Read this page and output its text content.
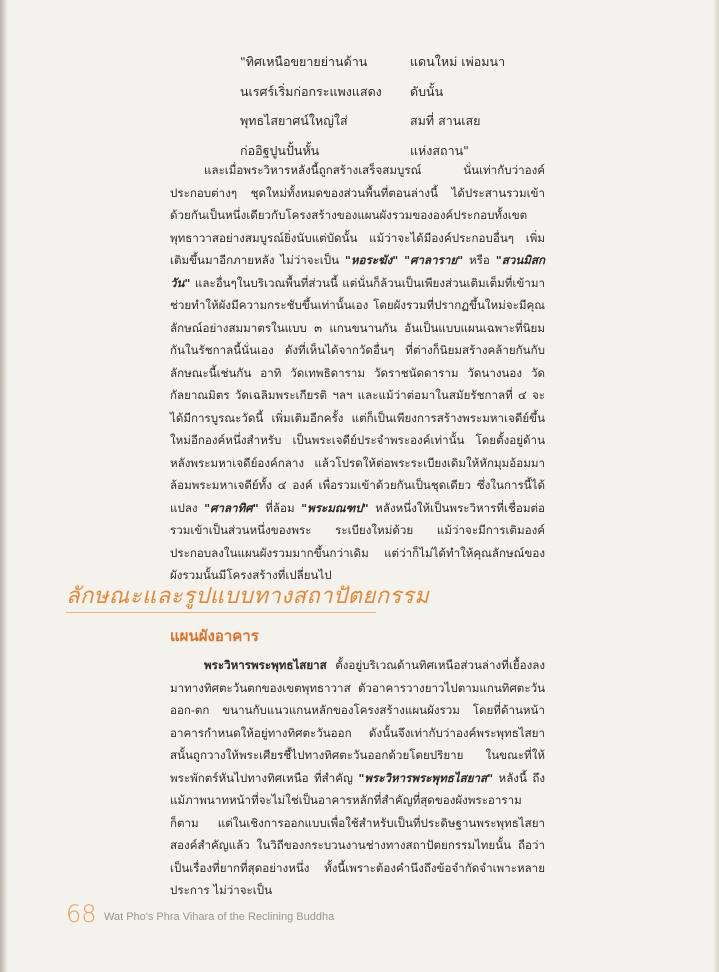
"ทิศเหนือขยายย่านด้าน	แดนใหม่ เพ่อมนา
นเรศร์เริ่มก่อกระแพงแสดง	ดับนั้น
พุทธไสยาศน์ใหญ่ใส่	สมที่ สานเสย
ก่ออิฐปูนปั้นหั้น	แห่งสถาน"

และเมื่อพระวิหารหลังนี้ถูกสร้างเสร็จสมบูรณ์ นั่นเท่ากับว่าองค์ประกอบต่างๆ ชุดใหม่ทั้งหมดของส่วนพื้นที่ตอนล่างนี้ ได้ประสานรวมเข้าด้วยกันเป็นหนึ่งเดียวกับโครงสร้างของแผนผังรวมขององค์ประกอบทั้งเขตพุทธาวาสอย่างสมบูรณ์ยิ่งนับแต่บัดนั้น แม้ว่าจะได้มีองค์ประกอบอื่นๆ เพิ่มเติมขึ้นมาอีกภายหลัง ไม่ว่าจะเป็น "หอระฆัง" "ศาลาราย" หรือ "สวนมิสกวัน" และอื่นๆในบริเวณพื้นที่ส่วนนี้ แต่นั่นก็ล้วนเป็นเพียงส่วนเติมเต็มที่เข้ามาช่วยทำให้ผังมีความกระชับขึ้นเท่านั้นเอง โดยผังรวมที่ปรากฏขึ้นใหม่จะมีคุณลักษณ์อย่างสมมาตรในแบบ ๓ แกนขนานกัน อันเป็นแบบแผนเฉพาะที่นิยมกันในรัชกาลนี้นั่นเอง ดังที่เห็นได้จากวัดอื่นๆ ที่ต่างก็นิยมสร้างคล้ายกันกับลักษณะนี้เช่นกัน อาทิ วัดเทพธิดาราม วัดราชนัดดาราม วัดนางนอง วัดกัลยาณมิตร วัดเฉลิมพระเกียรติ ฯลฯ และแม้ว่าต่อมาในสมัยรัชกาลที่ ๔ จะได้มีการบูรณะวัดนี้ เพิ่มเติมอีกครั้ง แต่ก็เป็นเพียงการสร้างพระมหาเจดีย์ขึ้นใหม่อีกองค์หนึ่งสำหรับ เป็นพระเจดีย์ประจำพระองค์เท่านั้น โดยตั้งอยู่ด้านหลังพระมหาเจดีย์องค์กลาง แล้วโปรดให้ต่อพระระเบียงเดิมให้หักมุมอ้อมมาล้อมพระมหาเจดีย์ทั้ง ๔ องค์ เพื่อรวมเข้าด้วยกันเป็นชุดเดียว ซึ่งในการนี้ได้แปลง "ศาลาทิศ" ที่ล้อม "พระมณฑป" หลังหนึ่งให้เป็นพระวิหารที่เชื่อมต่อรวมเข้าเป็นส่วนหนึ่งของพระ ระเบียงใหม่ด้วย แม้ว่าจะมีการเติมองค์ประกอบลงในแผนผังรวมมากขึ้นกว่าเดิม แต่ว่าก็ไม่ได้ทำให้คุณลักษณ์ของผังรวมนั้นมีโครงสร้างที่เปลี่ยนไป

ลักษณะและรูปแบบทางสถาปัตยกรรม
แผนผังอาคาร

พระวิหารพระพุทธไสยาส ตั้งอยู่บริเวณด้านทิศเหนือส่วนล่างที่เยื้องลงมาทางทิศตะวันตกของเขตพุทธาวาส ตัวอาคารวางยาวไปตามแกนทิศตะวันออก-ตก ขนานกับแนวแกนหลักของโครงสร้างแผนผังรวม โดยที่ด้านหน้าอาคารกำหนดให้อยู่ทางทิศตะวันออก ดังนั้นจึงเท่ากับว่าองค์พระพุทธไสยาสนั้นถูกวางให้พระเศียรชี้ไปทางทิศตะวันออกด้วยโดยปริยาย ในขณะที่ให้พระพักตร์หันไปทางทิศเหนือ ที่สำคัญ "พระวิหารพระพุทธไสยาส" หลังนี้ ถึงแม้ภาพนาทหน้าที่จะไม่ใช่เป็นอาคารหลักที่สำคัญที่สุดของผังพระอารามก็ตาม แต่ในเชิงการออกแบบเพื่อใช้สำหรับเป็นที่ประดิษฐานพระพุทธไสยาสองค์สำคัญแล้ว ในวิถีของกระบวนงานช่างทางสถาปัตยกรรมไทยนั้น ถือว่าเป็นเรื่องที่ยากที่สุดอย่างหนึ่ง ทั้งนี้เพราะต้องคำนึงถึงข้อจำกัดจำเพาะหลายประการ ไม่ว่าจะเป็น

68 Wat Pho's Phra Vihara of the Reclining Buddha
